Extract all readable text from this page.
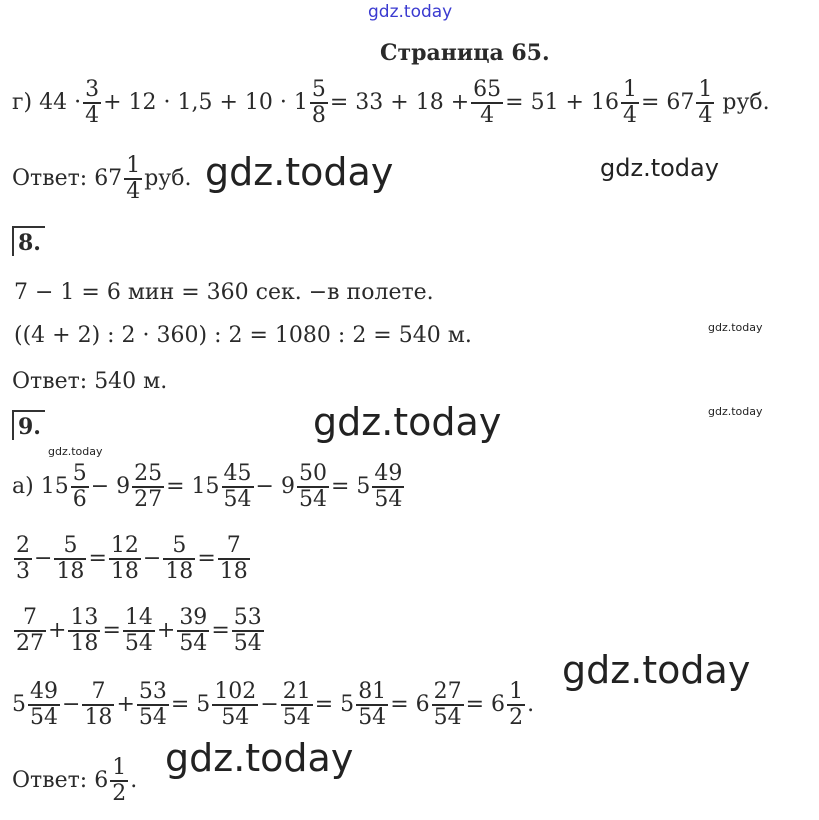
gdz.today
Страница 65.
г) 44 ·
3
4
+ 12 · 1,5 + 10 · 1
5
8
= 33 + 18 +
65
4
= 51 + 16
1
4
= 67
1
4
руб.
Ответ: 67
1
4
руб. gdz.today	gdz.today
8.
7 − 1 = 6 мин = 360 сек. −в полете.
((4 + 2) : 2 · 360) : 2 = 1080 : 2 = 540 м.	gdz.today
Ответ: 540 м.
9.	gdz.today	gdz.today
gdz.today
а) 15
5
6
− 9
25
27
= 15
45
54
− 9
50
54
= 5
49
54
2
3
−
5
18
=
12
18
−
5
18
=
7
18
7
27
+
13
18
=
14
54
+
39
54
=
53
54
gdz.today
5
49
54
−
7
18
+
53
54
= 5
102
54
−
21
54
= 5
81
54
= 6
27
54
= 6
1
2
.
gdz.today
Ответ: 6
1
2
.
